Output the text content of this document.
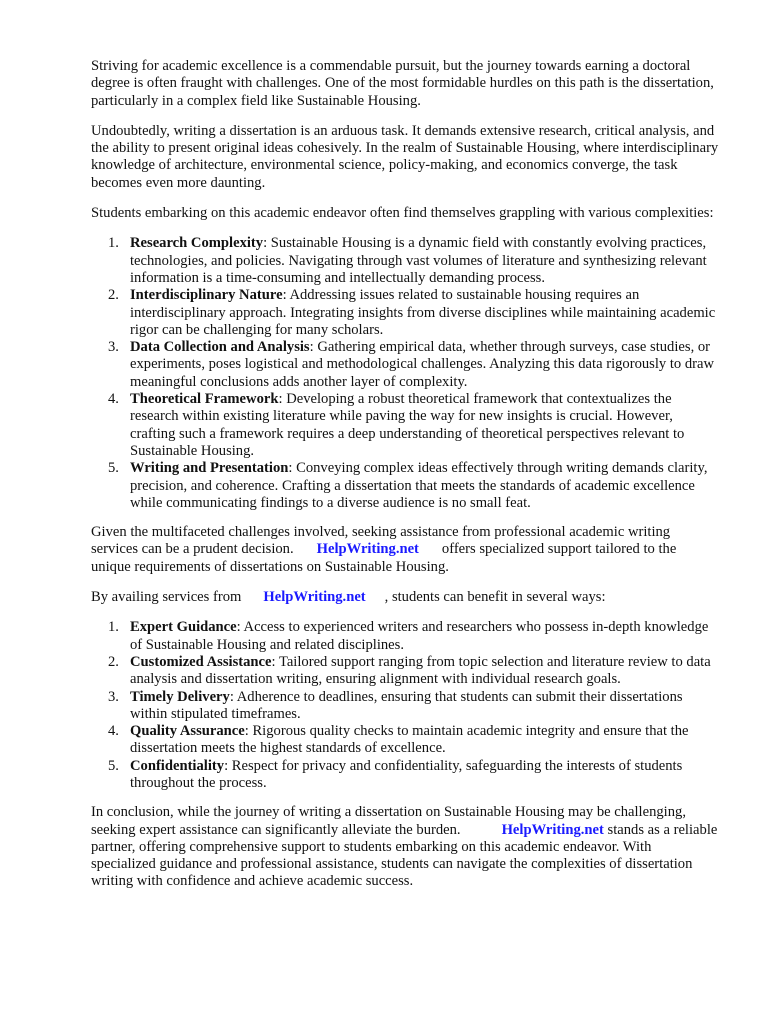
Striving for academic excellence is a commendable pursuit, but the journey towards earning a doctoral degree is often fraught with challenges. One of the most formidable hurdles on this path is the dissertation, particularly in a complex field like Sustainable Housing.

Undoubtedly, writing a dissertation is an arduous task. It demands extensive research, critical analysis, and the ability to present original ideas cohesively. In the realm of Sustainable Housing, where interdisciplinary knowledge of architecture, environmental science, policy-making, and economics converge, the task becomes even more daunting.

Students embarking on this academic endeavor often find themselves grappling with various complexities:

1. Research Complexity: Sustainable Housing is a dynamic field with constantly evolving practices, technologies, and policies. Navigating through vast volumes of literature and synthesizing relevant information is a time-consuming and intellectually demanding process.
2. Interdisciplinary Nature: Addressing issues related to sustainable housing requires an interdisciplinary approach. Integrating insights from diverse disciplines while maintaining academic rigor can be challenging for many scholars.
3. Data Collection and Analysis: Gathering empirical data, whether through surveys, case studies, or experiments, poses logistical and methodological challenges. Analyzing this data rigorously to draw meaningful conclusions adds another layer of complexity.
4. Theoretical Framework: Developing a robust theoretical framework that contextualizes the research within existing literature while paving the way for new insights is crucial. However, crafting such a framework requires a deep understanding of theoretical perspectives relevant to Sustainable Housing.
5. Writing and Presentation: Conveying complex ideas effectively through writing demands clarity, precision, and coherence. Crafting a dissertation that meets the standards of academic excellence while communicating findings to a diverse audience is no small feat.

Given the multifaceted challenges involved, seeking assistance from professional academic writing services can be a prudent decision. HelpWriting.net offers specialized support tailored to the unique requirements of dissertations on Sustainable Housing.

By availing services from HelpWriting.net , students can benefit in several ways:

1. Expert Guidance: Access to experienced writers and researchers who possess in-depth knowledge of Sustainable Housing and related disciplines.
2. Customized Assistance: Tailored support ranging from topic selection and literature review to data analysis and dissertation writing, ensuring alignment with individual research goals.
3. Timely Delivery: Adherence to deadlines, ensuring that students can submit their dissertations within stipulated timeframes.
4. Quality Assurance: Rigorous quality checks to maintain academic integrity and ensure that the dissertation meets the highest standards of excellence.
5. Confidentiality: Respect for privacy and confidentiality, safeguarding the interests of students throughout the process.

In conclusion, while the journey of writing a dissertation on Sustainable Housing may be challenging, seeking expert assistance can significantly alleviate the burden.	HelpWriting.net stands as a reliable partner, offering comprehensive support to students embarking on this academic endeavor. With specialized guidance and professional assistance, students can navigate the complexities of dissertation writing with confidence and achieve academic success.
